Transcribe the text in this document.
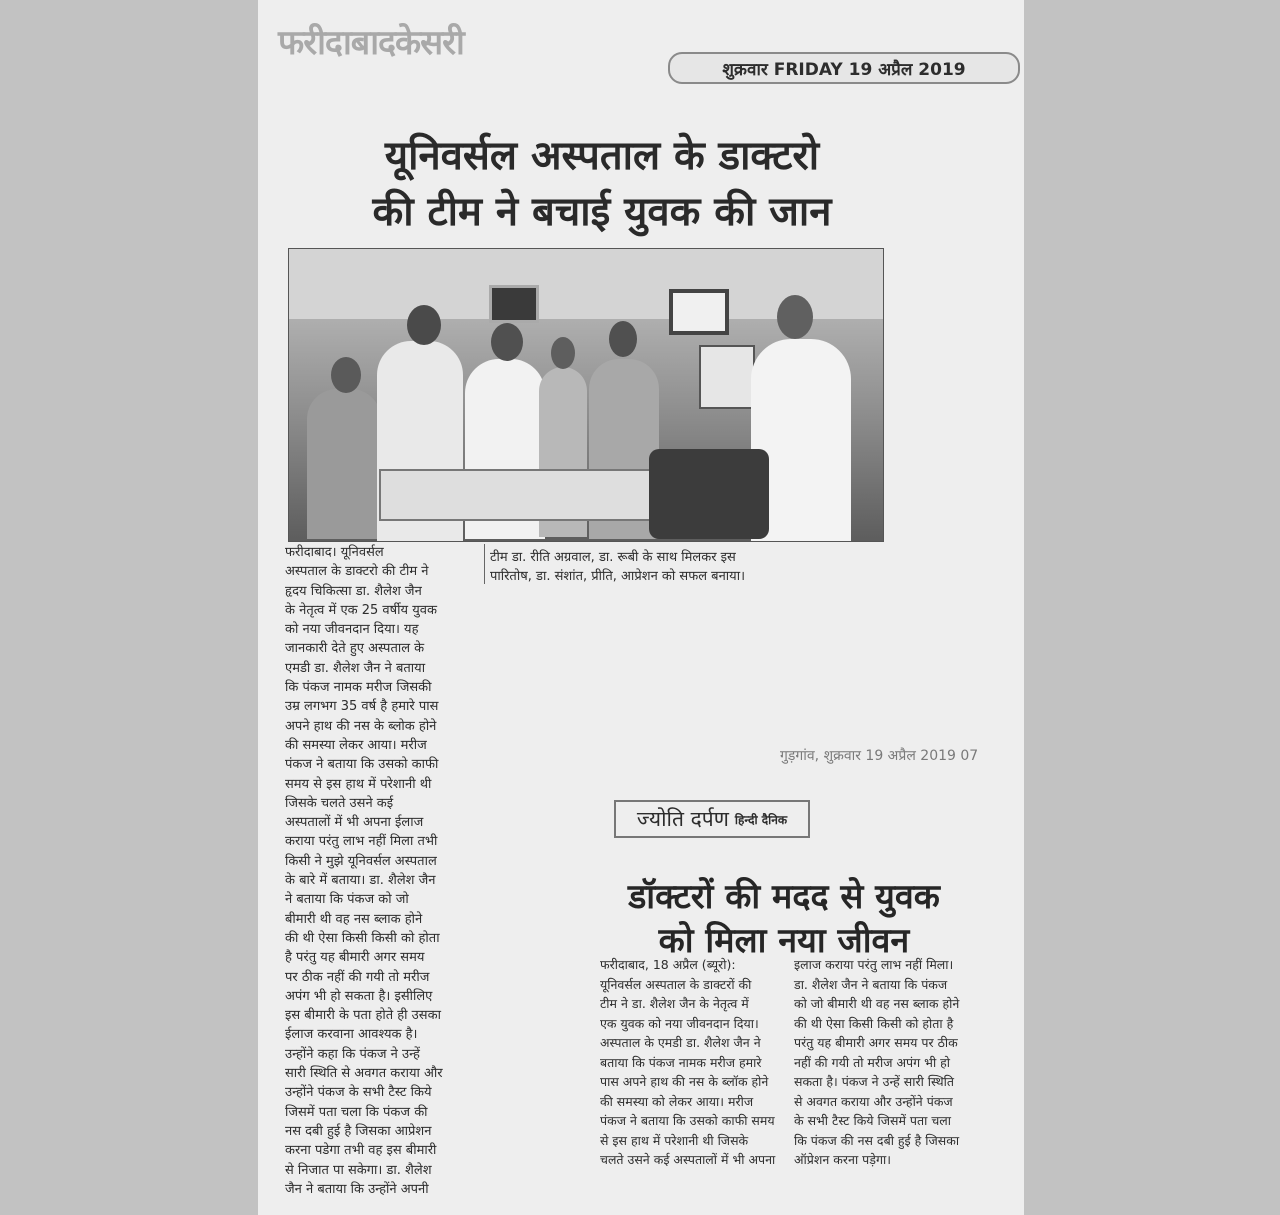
फरीदाबादकेसरी
शुक्रवार FRIDAY 19 अप्रैल 2019
यूनिवर्सल अस्पताल के डाक्टरो
की टीम ने बचाई युवक की जान
टीम डा. रीति अग्रवाल, डा. रूबी के साथ मिलकर इस
पारितोष, डा. संशांत, प्रीति, आप्रेशन को सफल बनाया।

फरीदाबाद। यूनिवर्सल

अस्पताल के डाक्टरो की टीम ने

हृदय चिकित्सा डा. शैलेश जैन

के नेतृत्व में एक 25 वर्षीय युवक

को नया जीवनदान दिया। यह

जानकारी देते हुए अस्पताल के

एमडी डा. शैलेश जैन ने बताया

कि पंकज नामक मरीज जिसकी

उम्र लगभग 35 वर्ष है हमारे पास

अपने हाथ की नस के ब्लोक होने

की समस्या लेकर आया। मरीज

पंकज ने बताया कि उसको काफी

समय से इस हाथ में परेशानी थी

जिसके चलते उसने कई

अस्पतालों में भी अपना ईलाज

कराया परंतु लाभ नहीं मिला तभी

किसी ने मुझे यूनिवर्सल अस्पताल

के बारे में बताया। डा. शैलेश जैन

ने बताया कि पंकज को जो

बीमारी थी वह नस ब्लाक होने

की थी ऐसा किसी किसी को होता

है परंतु यह बीमारी अगर समय

पर ठीक नहीं की गयी तो मरीज

अपंग भी हो सकता है। इसीलिए

इस बीमारी के पता होते ही उसका

ईलाज करवाना आवश्यक है।

उन्होंने कहा कि पंकज ने उन्हें

सारी स्थिति से अवगत कराया और

उन्होंने पंकज के सभी टैस्ट किये

जिसमें पता चला कि पंकज की

नस दबी हुई है जिसका आप्रेशन

करना पडेगा तभी वह इस बीमारी

से निजात पा सकेगा। डा. शैलेश

जैन ने बताया कि उन्होंने अपनी

गुड़गांव, शुक्रवार 19 अप्रैल 2019 07
ज्योति दर्पण हिन्दी दैनिक
डॉक्टरों की मदद से युवक
को मिला नया जीवन

फरीदाबाद, 18 अप्रैल (ब्यूरो):

यूनिवर्सल अस्पताल के डाक्टरों की

टीम ने डा. शैलेश जैन के नेतृत्व में

एक युवक को नया जीवनदान दिया।

अस्पताल के एमडी डा. शैलेश जैन ने

बताया कि पंकज नामक मरीज हमारे

पास अपने हाथ की नस के ब्लॉक होने

की समस्या को लेकर आया। मरीज

पंकज ने बताया कि उसको काफी समय

से इस हाथ में परेशानी थी जिसके

चलते उसने कई अस्पतालों में भी अपना

इलाज कराया परंतु लाभ नहीं मिला।

डा. शैलेश जैन ने बताया कि पंकज

को जो बीमारी थी वह नस ब्लाक होने

की थी ऐसा किसी किसी को होता है

परंतु यह बीमारी अगर समय पर ठीक

नहीं की गयी तो मरीज अपंग भी हो

सकता है। पंकज ने उन्हें सारी स्थिति

से अवगत कराया और उन्होंने पंकज

के सभी टैस्ट किये जिसमें पता चला

कि पंकज की नस दबी हुई है जिसका

ऑप्रेशन करना पड़ेगा।
